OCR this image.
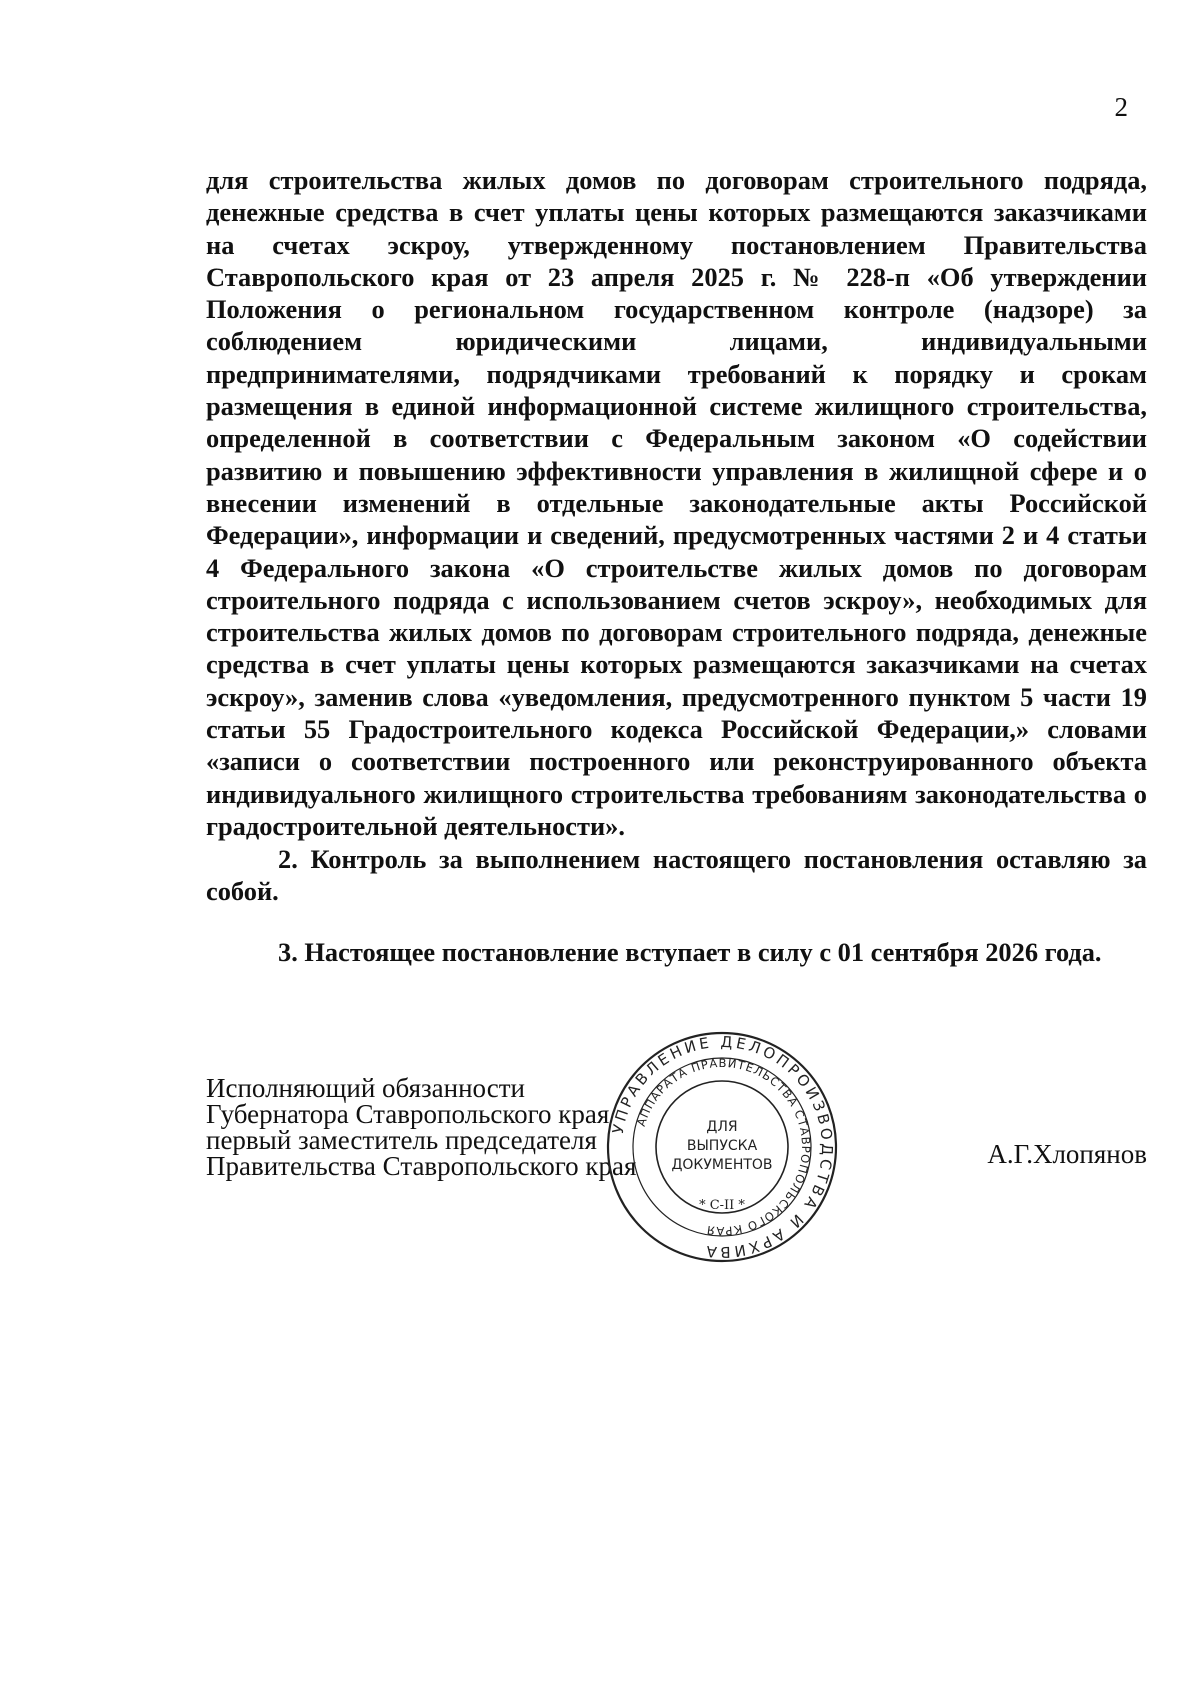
2

для строительства жилых домов по договорам строительного подряда, денежные средства в счет уплаты цены которых размещаются заказчиками на счетах эскроу, утвержденному постановлением Правительства Ставропольского края от 23 апреля 2025 г. № 228-п «Об утверждении Положения о региональном государственном контроле (надзоре) за соблюдением юридическими лицами, индивидуальными предпринимателями, подрядчиками требований к порядку и срокам размещения в единой информационной системе жилищного строительства, определенной в соответствии с Федеральным законом «О содействии развитию и повышению эффективности управления в жилищной сфере и о внесении изменений в отдельные законодательные акты Российской Федерации», информации и сведений, предусмотренных частями 2 и 4 статьи 4 Федерального закона «О строительстве жилых домов по договорам строительного подряда с использованием счетов эскроу», необходимых для строительства жилых домов по договорам строительного подряда, денежные средства в счет уплаты цены которых размещаются заказчиками на счетах эскроу», заменив слова «уведомления, предусмотренного пунктом 5 части 19 статьи 55 Градостроительного кодекса Российской Федерации,» словами «записи о соответствии построенного или реконструированного объекта индивидуального жилищного строительства требованиям законодательства о градостроительной деятельности».

2. Контроль за выполнением настоящего постановления оставляю за собой.

3. Настоящее постановление вступает в силу с 01 сентября 2026 года.

Исполняющий обязанности
Губернатора Ставропольского края
первый заместитель председателя
Правительства Ставропольского края	А.Г.Хлопянов
УПРАВЛЕНИЕ ДЕЛОПРОИЗВОДСТВА И АРХИВА
АППАРАТА ПРАВИТЕЛЬСТВА СТАВРОПОЛЬСКОГО КРАЯ
ДЛЯ
ВЫПУСКА
ДОКУМЕНТОВ
* С-II *
